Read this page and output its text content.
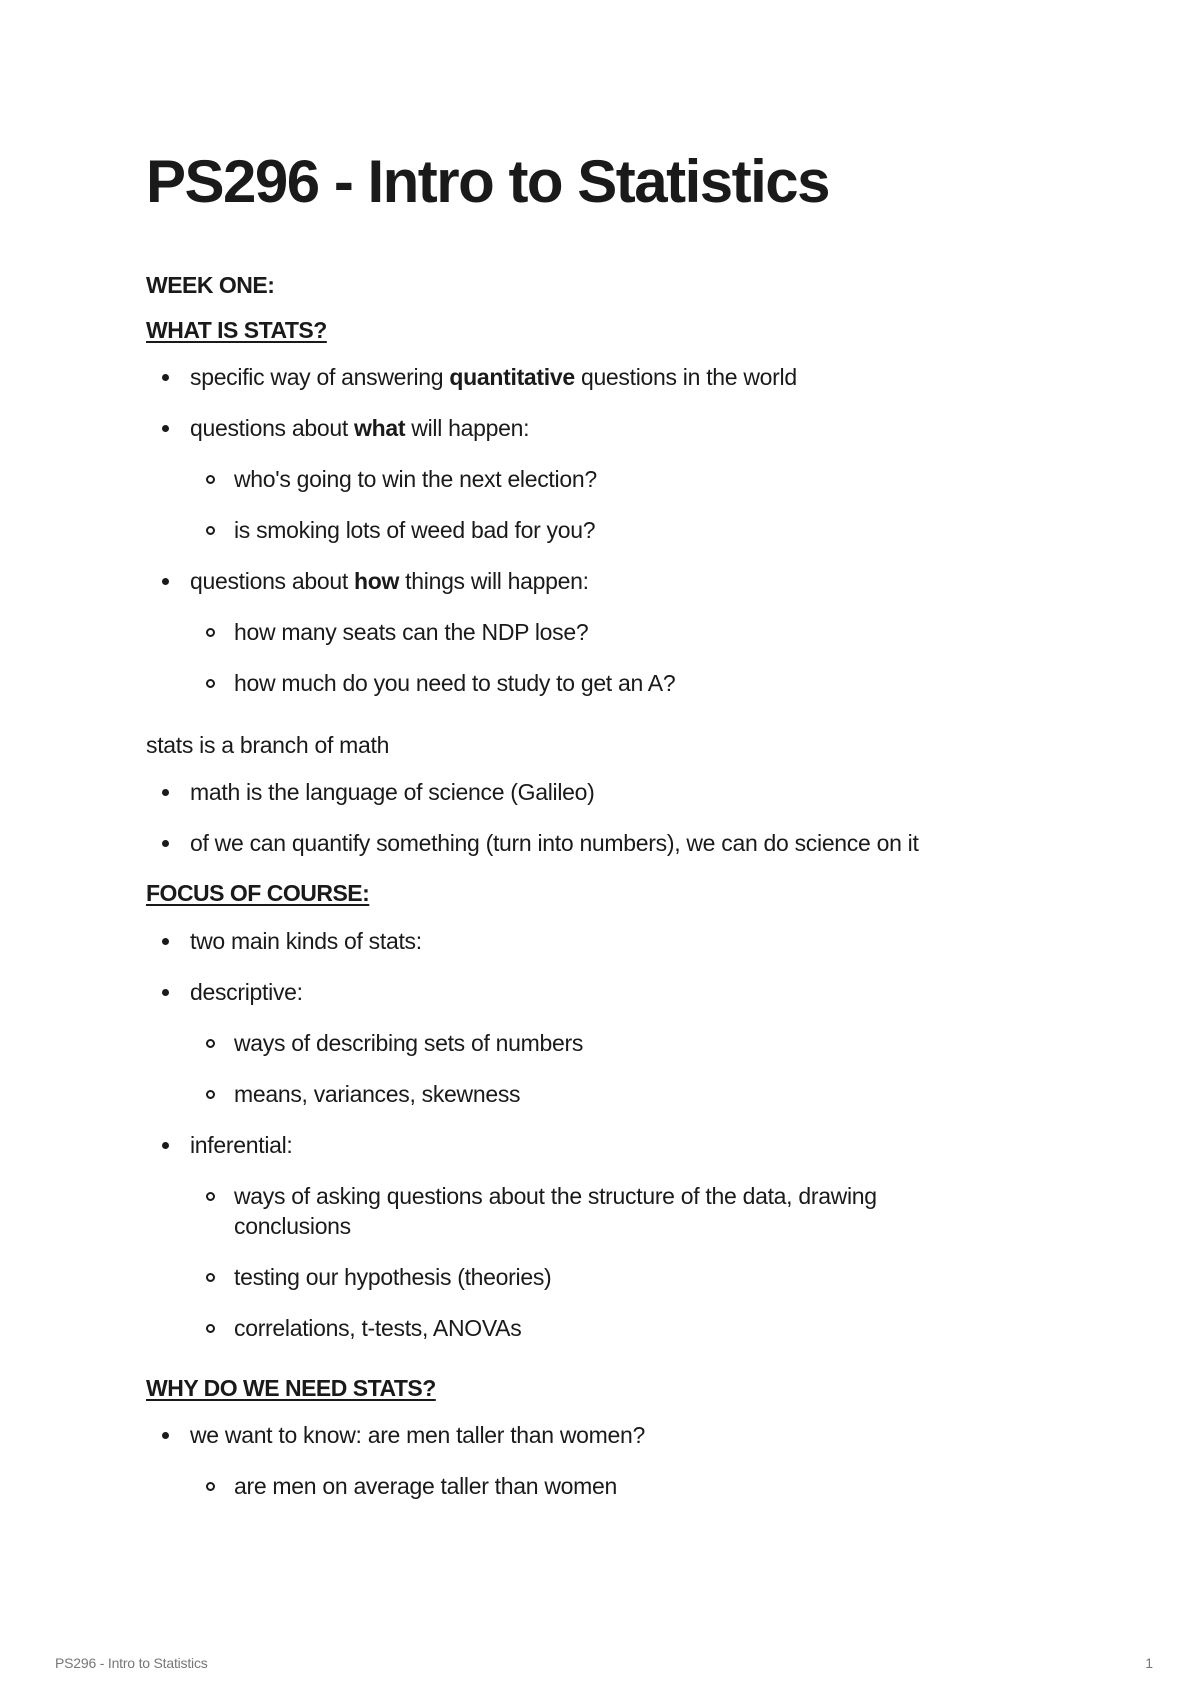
PS296 - Intro to Statistics
WEEK ONE:
WHAT IS STATS?
specific way of answering quantitative questions in the world
questions about what will happen:
who's going to win the next election?
is smoking lots of weed bad for you?
questions about how things will happen:
how many seats can the NDP lose?
how much do you need to study to get an A?
stats is a branch of math
math is the language of science (Galileo)
of we can quantify something (turn into numbers), we can do science on it
FOCUS OF COURSE:
two main kinds of stats:
descriptive:
ways of describing sets of numbers
means, variances, skewness
inferential:
ways of asking questions about the structure of the data, drawing conclusions
testing our hypothesis (theories)
correlations, t-tests, ANOVAs
WHY DO WE NEED STATS?
we want to know: are men taller than women?
are men on average taller than women
PS296 - Intro to Statistics	1
